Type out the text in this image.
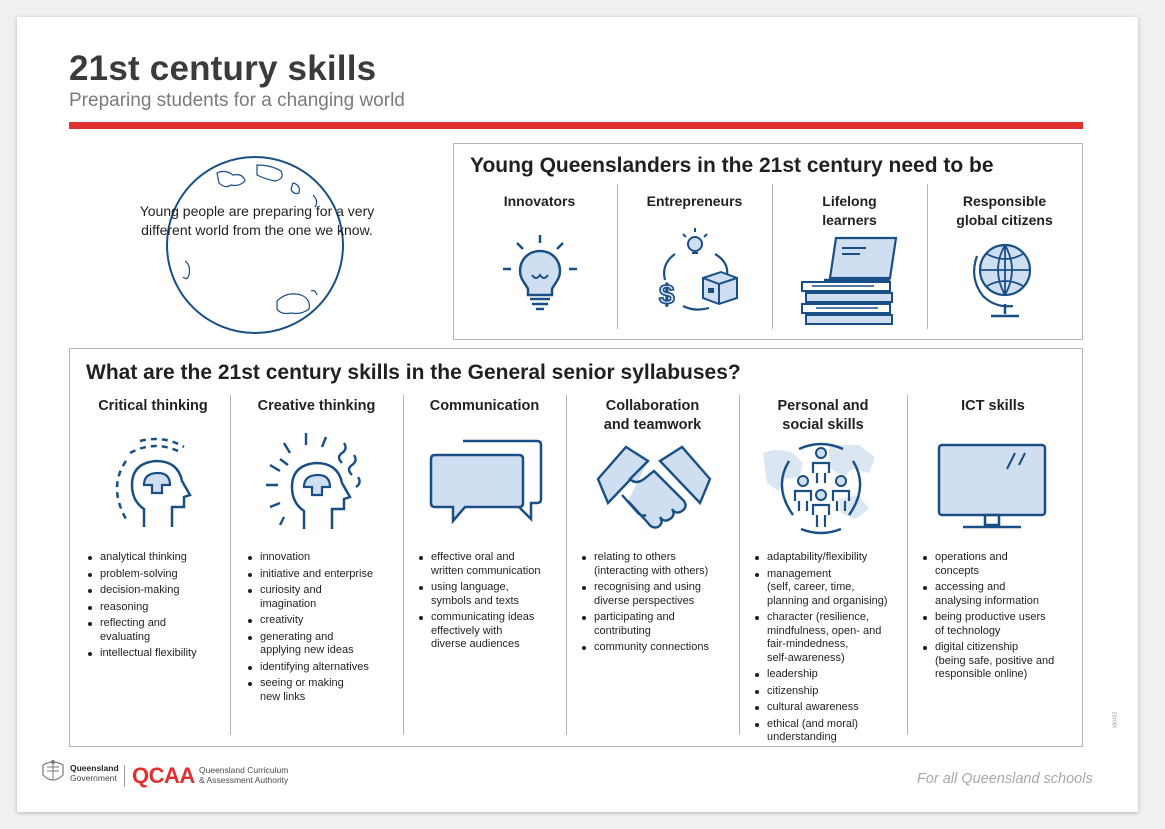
21st century skills
Preparing students for a changing world
Young people are preparing for a very different world from the one we know.
Young Queenslanders in the 21st century need to be
Innovators	Entrepreneurs
$
Lifelong
learners
Responsible
global citizens
What are the 21st century skills in the General senior syllabuses?
Critical thinking
analytical thinking
problem-solving
decision-making
reasoning
reflecting and
evaluating
intellectual flexibility
Creative thinking
innovation
initiative and enterprise
curiosity and
imagination
creativity
generating and
applying new ideas
identifying alternatives
seeing or making
new links
Communication
effective oral and
written communication
using language,
symbols and texts
communicating ideas
effectively with
diverse audiences
Collaboration
and teamwork
relating to others
(interacting with others)
recognising and using
diverse perspectives
participating and
contributing
community connections
Personal and
social skills
adaptability/flexibility
management
(self, career, time,
planning and organising)
character (resilience,
mindfulness, open- and
fair-mindedness,
self-awareness)
leadership
citizenship
cultural awareness
ethical (and moral)
understanding
ICT skills
operations and
concepts
accessing and
analysing information
being productive users
of technology
digital citizenship
(being safe, positive and
responsible online)
180432
Queensland
Government QCAA Queensland Curriculum
& Assessment Authority	For all Queensland schools
